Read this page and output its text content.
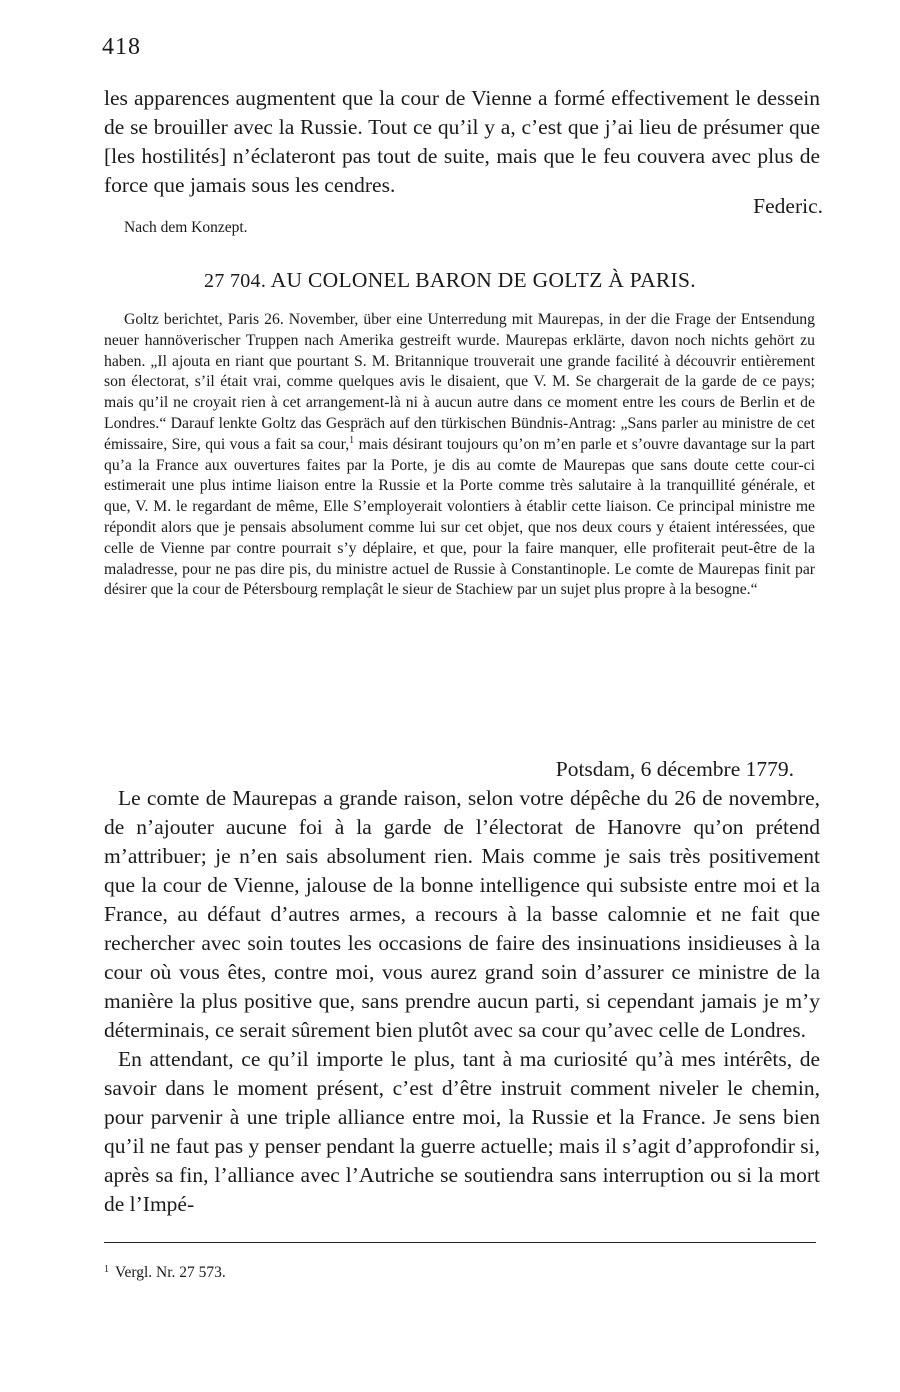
418

les apparences augmentent que la cour de Vienne a formé effectivement le dessein de se brouiller avec la Russie. Tout ce qu’il y a, c’est que j’ai lieu de présumer que [les hostilités] n’éclateront pas tout de suite, mais que le feu couvera avec plus de force que jamais sous les cendres.

Federic.
Nach dem Konzept.
27 704. AU COLONEL BARON DE GOLTZ À PARIS.

Goltz berichtet, Paris 26. November, über eine Unterredung mit Maurepas, in der die Frage der Entsendung neuer hannöverischer Truppen nach Amerika gestreift wurde. Maurepas erklärte, davon noch nichts gehört zu haben. „Il ajouta en riant que pourtant S. M. Britannique trouverait une grande facilité à découvrir entièrement son électorat, s’il était vrai, comme quelques avis le disaient, que V. M. Se chargerait de la garde de ce pays; mais qu’il ne croyait rien à cet arrangement-là ni à aucun autre dans ce moment entre les cours de Berlin et de Londres.“ Darauf lenkte Goltz das Gespräch auf den türkischen Bündnis-Antrag: „Sans parler au ministre de cet émissaire, Sire, qui vous a fait sa cour,$^1$ mais désirant toujours qu’on m’en parle et s’ouvre davantage sur la part qu’a la France aux ouvertures faites par la Porte, je dis au comte de Maurepas que sans doute cette cour-ci estimerait une plus intime liaison entre la Russie et la Porte comme très salutaire à la tranquillité générale, et que, V. M. le regardant de même, Elle S’employerait volontiers à établir cette liaison. Ce principal ministre me répondit alors que je pensais absolument comme lui sur cet objet, que nos deux cours y étaient intéressées, que celle de Vienne par contre pourrait s’y déplaire, et que, pour la faire manquer, elle profiterait peut-être de la maladresse, pour ne pas dire pis, du ministre actuel de Russie à Constantinople. Le comte de Maurepas finit par désirer que la cour de Pétersbourg remplaçât le sieur de Stachiew par un sujet plus propre à la besogne.“

Potsdam, 6 décembre 1779.

Le comte de Maurepas a grande raison, selon votre dépêche du 26 de novembre, de n’ajouter aucune foi à la garde de l’électorat de Hanovre qu’on prétend m’attribuer; je n’en sais absolument rien. Mais comme je sais très positivement que la cour de Vienne, jalouse de la bonne intelligence qui subsiste entre moi et la France, au défaut d’autres armes, a recours à la basse calomnie et ne fait que rechercher avec soin toutes les occasions de faire des insinuations insidieuses à la cour où vous êtes, contre moi, vous aurez grand soin d’assurer ce ministre de la manière la plus positive que, sans prendre aucun parti, si cependant jamais je m’y déterminais, ce serait sûrement bien plutôt avec sa cour qu’avec celle de Londres.

En attendant, ce qu’il importe le plus, tant à ma curiosité qu’à mes intérêts, de savoir dans le moment présent, c’est d’être instruit comment niveler le chemin, pour parvenir à une triple alliance entre moi, la Russie et la France. Je sens bien qu’il ne faut pas y penser pendant la guerre actuelle; mais il s’agit d’approfondir si, après sa fin, l’alliance avec l’Autriche se soutiendra sans interruption ou si la mort de l’Impé-

$^1$ Vergl. Nr. 27 573.
